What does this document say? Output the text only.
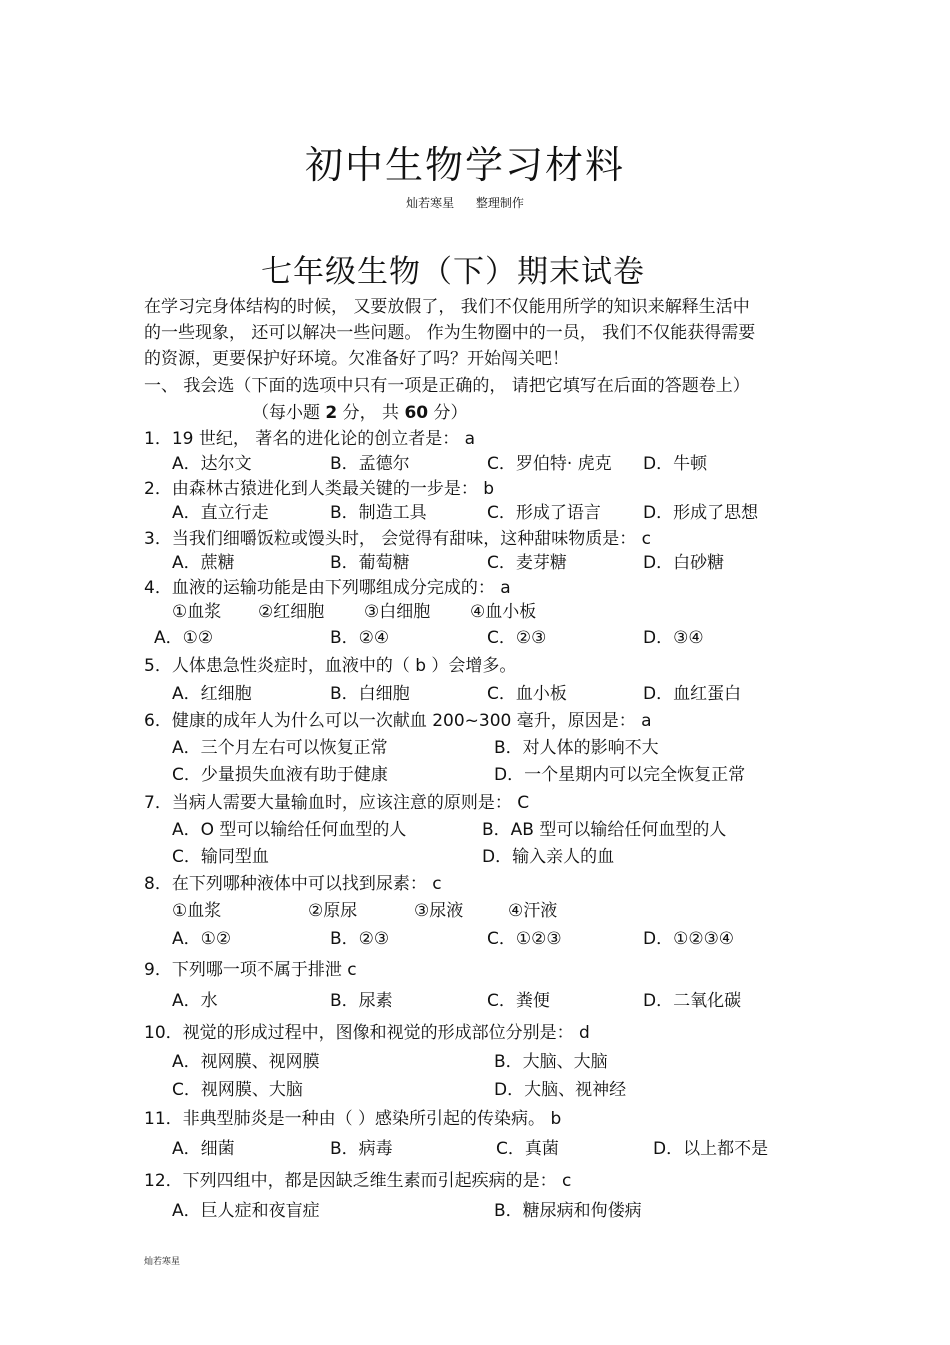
初中生物学习材料
灿若寒星 整理制作
七年级生物（下）期末试卷
在学习完身体结构的时候， 又要放假了， 我们不仅能用所学的知识来解释生活中
的一些现象， 还可以解决一些问题。 作为生物圈中的一员， 我们不仅能获得需要
的资源，更要保护好环境。欠准备好了吗？开始闯关吧！
一、 我会选（下面的选项中只有一项是正确的， 请把它填写在后面的答题卷上）
（每小题 2 分， 共 60 分）
1．19 世纪， 著名的进化论的创立者是： a
A．达尔文	B．孟德尔	C．罗伯特· 虎克 D．牛顿
2．由森林古猿进化到人类最关键的一步是： b
A．直立行走	B．制造工具	C．形成了语言 D．形成了思想
3．当我们细嚼饭粒或馒头时， 会觉得有甜味，这种甜味物质是： c
A．蔗糖	B．葡萄糖	C．麦芽糖	D．白砂糖
4．血液的运输功能是由下列哪组成分完成的： a
①血浆 ②红细胞 ③白细胞 ④血小板
A．①②	B．②④	C．②③	D．③④
5．人体患急性炎症时，血液中的（ b ）会增多。
A．红细胞	B．白细胞	C．血小板	D．血红蛋白
6．健康的成年人为什么可以一次献血 200~300 毫升，原因是： a
A．三个月左右可以恢复正常	B．对人体的影响不大
C．少量损失血液有助于健康	D．一个星期内可以完全恢复正常
7．当病人需要大量输血时，应该注意的原则是： C
A．O 型可以输给任何血型的人	B．AB 型可以输给任何血型的人
C．输同型血	D．输入亲人的血
8．在下列哪种液体中可以找到尿素： c
①血浆	②原尿	③尿液	④汗液
A．①②	B．②③	C．①②③	D．①②③④
9．下列哪一项不属于排泄 c
A．水	B．尿素	C．粪便	D．二氧化碳
10．视觉的形成过程中，图像和视觉的形成部位分别是： d
A．视网膜、视网膜	B．大脑、大脑
C．视网膜、大脑	D．大脑、视神经
11．非典型肺炎是一种由（ ）感染所引起的传染病。 b
A．细菌	B．病毒	C．真菌	D．以上都不是
12．下列四组中，都是因缺乏维生素而引起疾病的是： c
A．巨人症和夜盲症	B．糖尿病和佝偻病
灿若寒星
